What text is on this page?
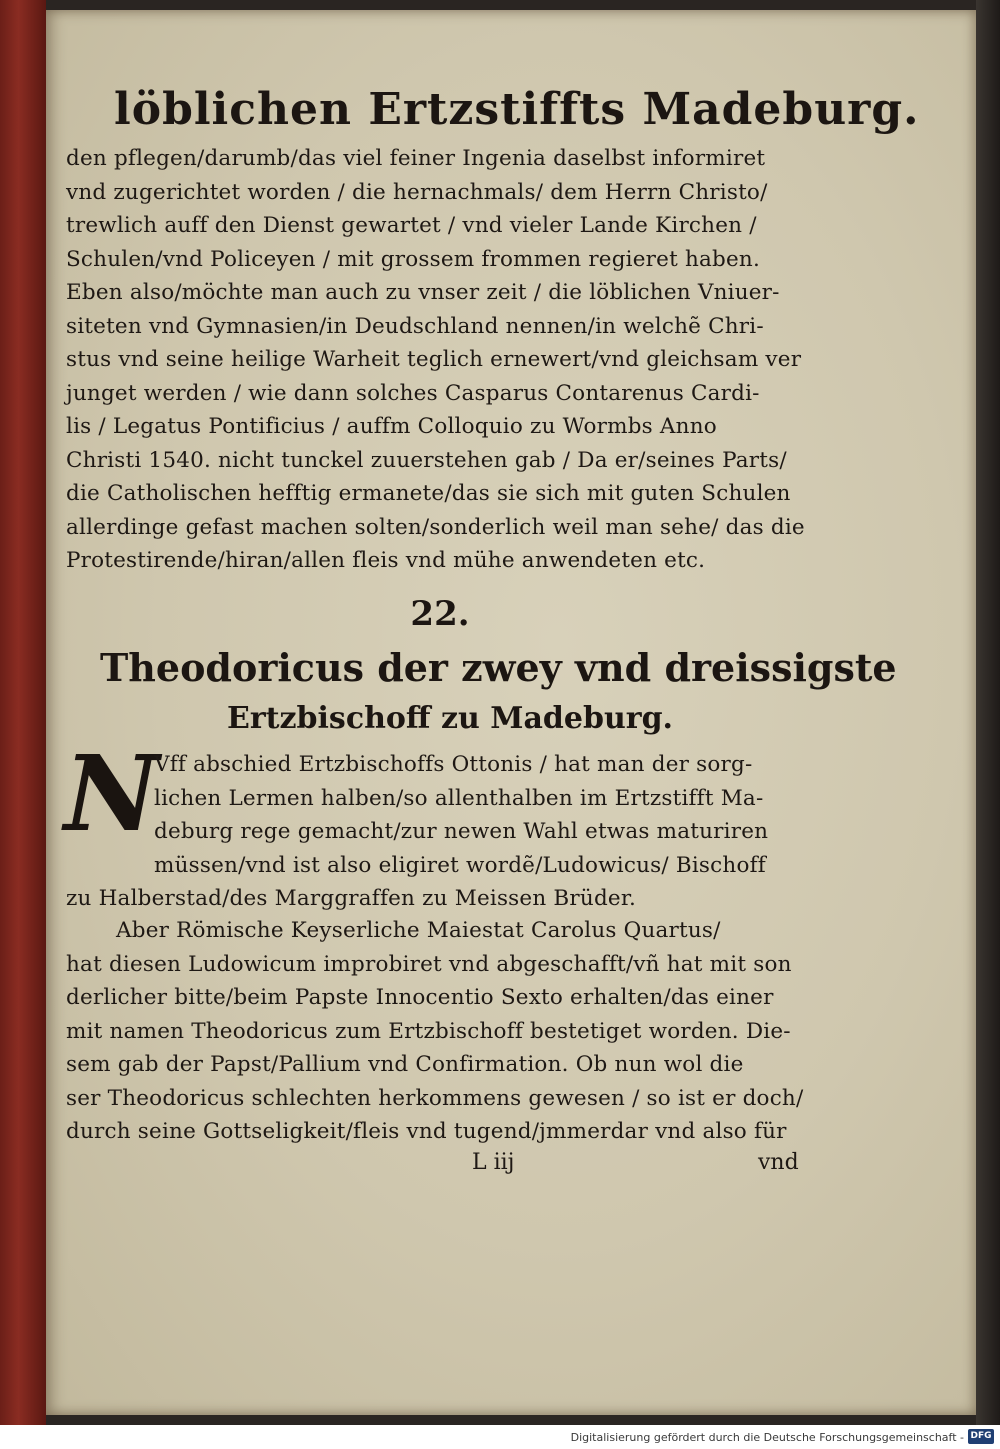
löblichen Ertzstiffts Madeburg.
den pflegen/darumb/das viel feiner Ingenia daselbst informiret
vnd zugerichtet worden / die hernachmals/ dem Herrn Christo/
trewlich auff den Dienst gewartet / vnd vieler Lande Kirchen /
Schulen/vnd Policeyen / mit grossem frommen regieret haben.
Eben also/möchte man auch zu vnser zeit / die löblichen Vniuer-
siteten vnd Gymnasien/in Deudschland nennen/in welchẽ Chri-
stus vnd seine heilige Warheit teglich ernewert/vnd gleichsam ver
junget werden / wie dann solches Casparus Contarenus Cardi-
lis / Legatus Pontificius / auffm Colloquio zu Wormbs Anno
Christi 1540. nicht tunckel zuuerstehen gab / Da er/seines Parts/
die Catholischen hefftig ermanete/das sie sich mit guten Schulen
allerdinge gefast machen solten/sonderlich weil man sehe/ das die
Protestirende/hiran/allen fleis vnd mühe anwendeten etc.
22.
Theodoricus der zwey vnd dreissigste
Ertzbischoff zu Madeburg.
N
Vff abschied Ertzbischoffs Ottonis / hat man der sorg-
lichen Lermen halben/so allenthalben im Ertzstifft Ma-
deburg rege gemacht/zur newen Wahl etwas maturiren
müssen/vnd ist also eligiret wordẽ/Ludowicus/ Bischoff
zu Halberstad/des Marggraffen zu Meissen Brüder.
Aber Römische Keyserliche Maiestat Carolus Quartus/
hat diesen Ludowicum improbiret vnd abgeschafft/vñ hat mit son
derlicher bitte/beim Papste Innocentio Sexto erhalten/das einer
mit namen Theodoricus zum Ertzbischoff bestetiget worden. Die-
sem gab der Papst/Pallium vnd Confirmation. Ob nun wol die
ser Theodoricus schlechten herkommens gewesen / so ist er doch/
durch seine Gottseligkeit/fleis vnd tugend/jmmerdar vnd also für
L iij	vnd
Digitalisierung gefördert durch die Deutsche Forschungsgemeinschaft - DFG
